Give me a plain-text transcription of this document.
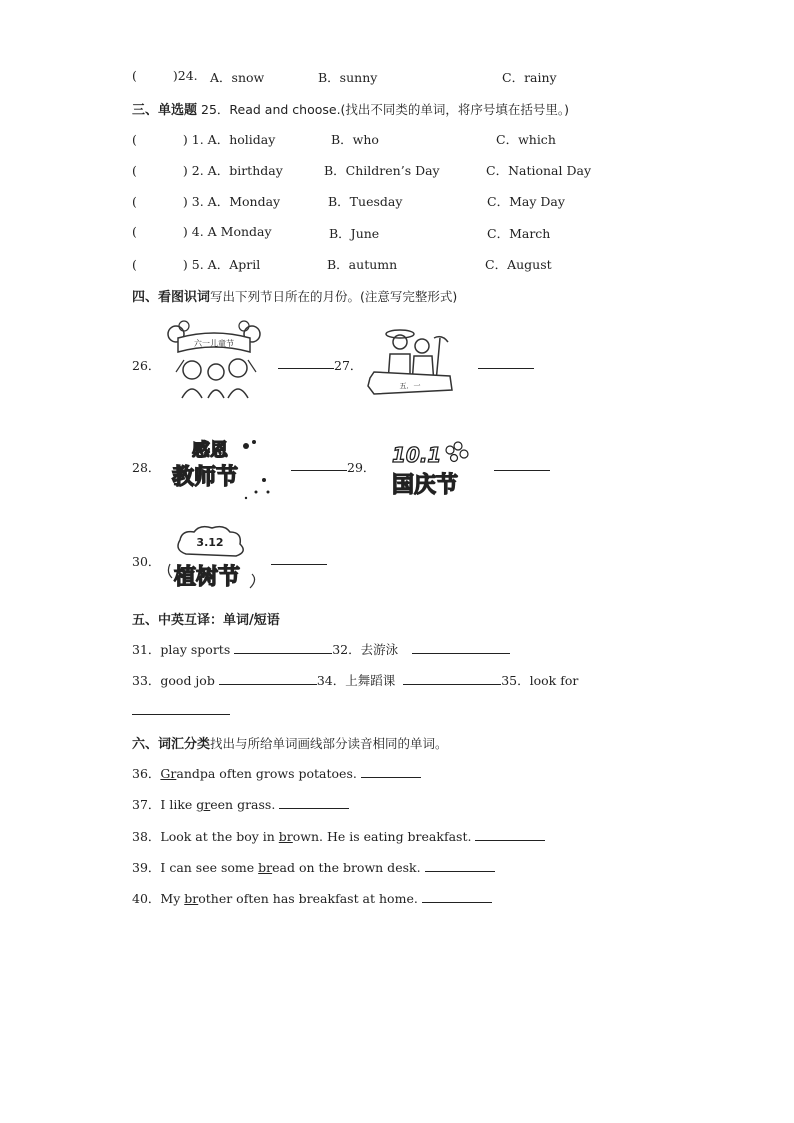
(	)24. A．snow	B．sunny	C．rainy
三、单选题 25．Read and choose.(找出不同类的单词，将序号填在括号里。)
(	) 1. A．holiday	B．who	C．which
(	) 2. A．birthday	B．Children’s Day	C．National Day
(	) 3. A．Monday	B．Tuesday	C．May Day
(	) 4. A Monday	B．June	C．March
(	) 5. A．April	B．autumn	C．August
四、看图识词写出下列节日所在的月份。(注意写完整形式)
26．
六一儿童节
27．
五．一
28．
感恩
教师节	29．
10.1
国庆节
30．
3.12
植树节
五、中英互译：单词/短语
31．play sports	32．去游泳
33．good job	34．上舞蹈课	35．look for
六、词汇分类找出与所给单词画线部分读音相同的单词。
36．Grandpa often grows potatoes.
37．I like green grass.
38．Look at the boy in brown. He is eating breakfast.
39．I can see some bread on the brown desk.
40．My brother often has breakfast at home.
